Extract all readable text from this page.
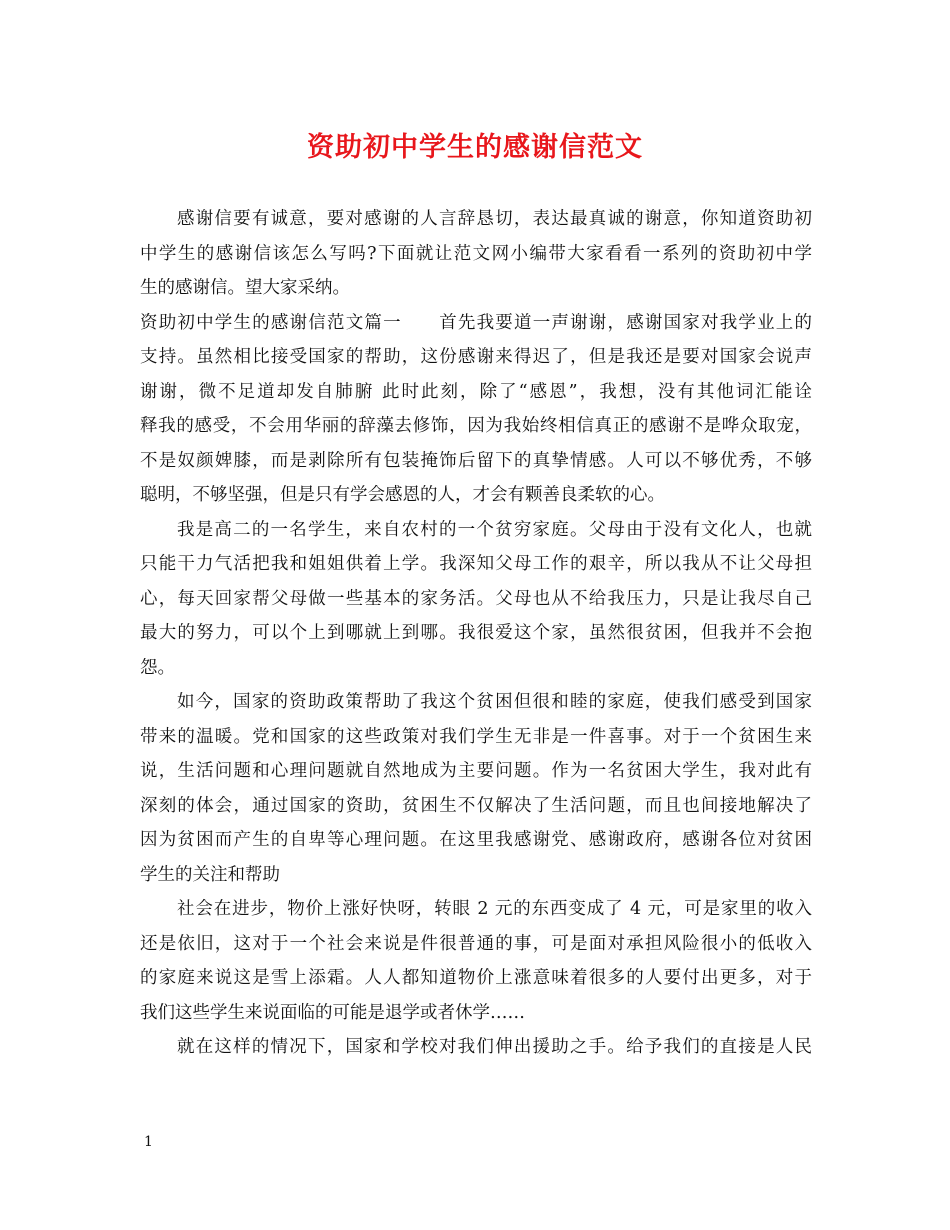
资助初中学生的感谢信范文
感谢信要有诚意，要对感谢的人言辞恳切，表达最真诚的谢意，你知道资助初
中学生的感谢信该怎么写吗?下面就让范文网小编带大家看看一系列的资助初中学
生的感谢信。望大家采纳。
资助初中学生的感谢信范文篇一　　首先我要道一声谢谢，感谢国家对我学业上的
支持。虽然相比接受国家的帮助，这份感谢来得迟了，但是我还是要对国家会说声
谢谢，微不足道却发自肺腑 此时此刻，除了“感恩”，我想，没有其他词汇能诠
释我的感受，不会用华丽的辞藻去修饰，因为我始终相信真正的感谢不是哗众取宠，
不是奴颜婢膝，而是剥除所有包装掩饰后留下的真挚情感。人可以不够优秀，不够
聪明，不够坚强，但是只有学会感恩的人，才会有颗善良柔软的心。
我是高二的一名学生，来自农村的一个贫穷家庭。父母由于没有文化人，也就
只能干力气活把我和姐姐供着上学。我深知父母工作的艰辛，所以我从不让父母担
心，每天回家帮父母做一些基本的家务活。父母也从不给我压力，只是让我尽自己
最大的努力，可以个上到哪就上到哪。我很爱这个家，虽然很贫困，但我并不会抱
怨。
如今，国家的资助政策帮助了我这个贫困但很和睦的家庭，使我们感受到国家
带来的温暖。党和国家的这些政策对我们学生无非是一件喜事。对于一个贫困生来
说，生活问题和心理问题就自然地成为主要问题。作为一名贫困大学生，我对此有
深刻的体会，通过国家的资助，贫困生不仅解决了生活问题，而且也间接地解决了
因为贫困而产生的自卑等心理问题。在这里我感谢党、感谢政府，感谢各位对贫困
学生的关注和帮助
社会在进步，物价上涨好快呀，转眼 2 元的东西变成了 4 元，可是家里的收入
还是依旧，这对于一个社会来说是件很普通的事，可是面对承担风险很小的低收入
的家庭来说这是雪上添霜。人人都知道物价上涨意味着很多的人要付出更多，对于
我们这些学生来说面临的可能是退学或者休学……
就在这样的情况下，国家和学校对我们伸出援助之手。给予我们的直接是人民
1
